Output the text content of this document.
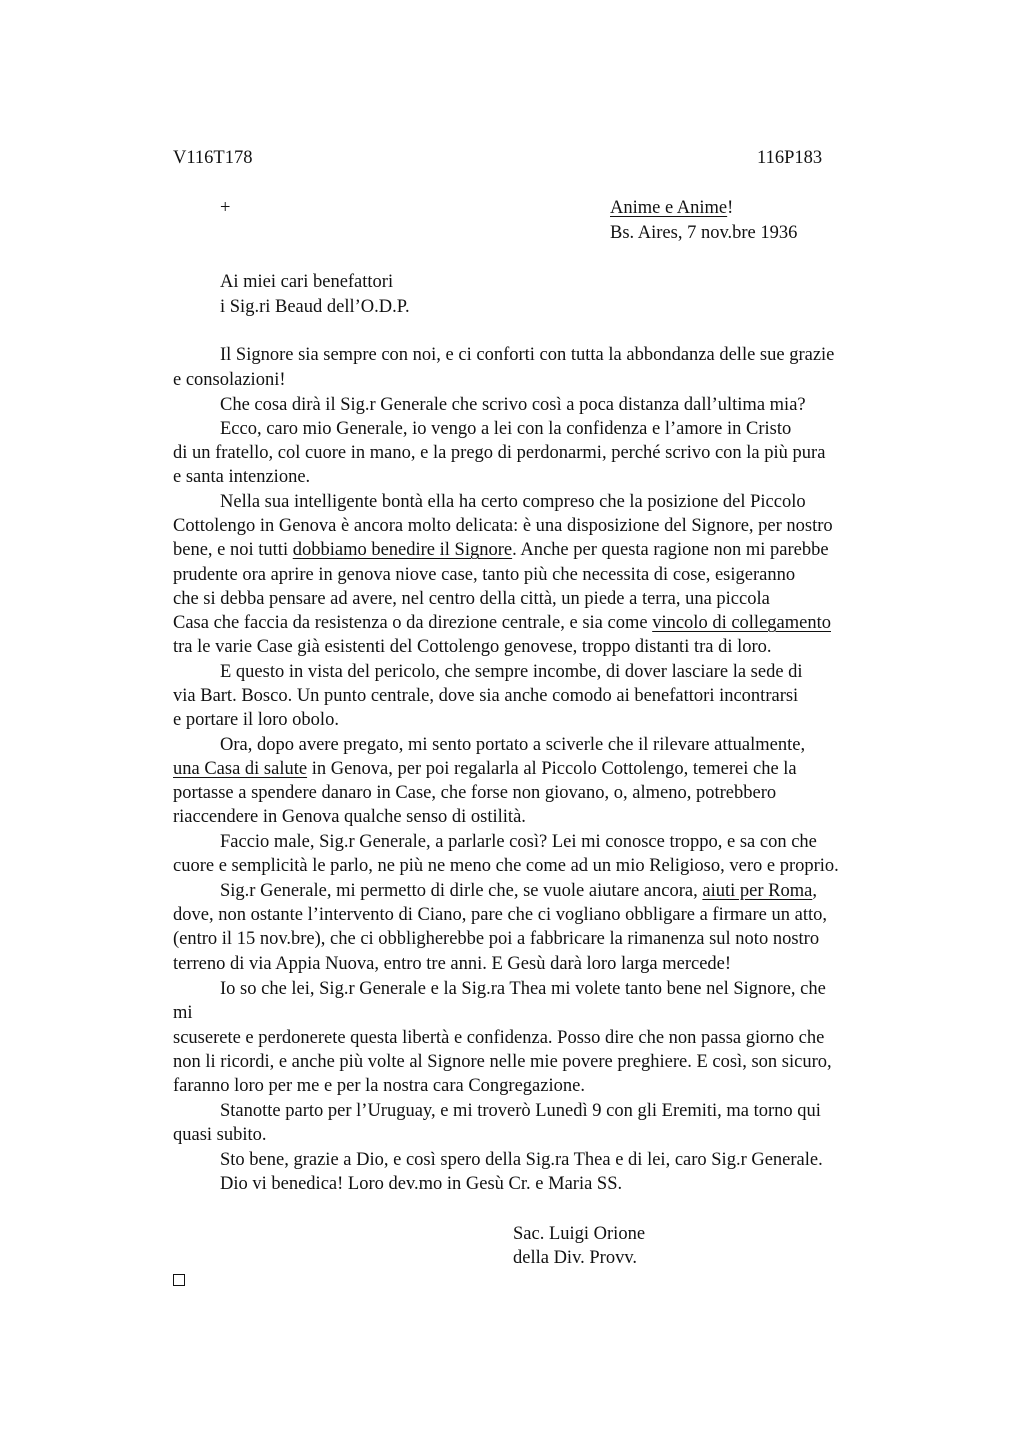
V116T178	116P183
+	Anime e Anime!
Bs. Aires, 7 nov.bre 1936
Ai miei cari benefattori
i Sig.ri Beaud dell’O.D.P.
Il Signore sia sempre con noi, e ci conforti con tutta la abbondanza delle sue grazie
e consolazioni!
Che cosa dirà il Sig.r Generale che scrivo così a poca distanza dall’ultima mia?
Ecco, caro mio Generale, io vengo a lei con la confidenza e l’amore in Cristo
di un fratello, col cuore in mano, e la prego di perdonarmi, perché scrivo con la più pura
e santa intenzione.
Nella sua intelligente bontà ella ha certo compreso che la posizione del Piccolo
Cottolengo in Genova è ancora molto delicata: è una disposizione del Signore, per nostro
bene, e noi tutti dobbiamo benedire il Signore. Anche per questa ragione non mi parebbe
prudente ora aprire in genova niove case, tanto più che necessita di cose, esigeranno
che si debba pensare ad avere, nel centro della città, un piede a terra, una piccola
Casa che faccia da resistenza o da direzione centrale, e sia come vincolo di collegamento
tra le varie Case già esistenti del Cottolengo genovese, troppo distanti tra di loro.
E questo in vista del pericolo, che sempre incombe, di dover lasciare la sede di
via Bart. Bosco. Un punto centrale, dove sia anche comodo ai benefattori incontrarsi
e portare il loro obolo.
Ora, dopo avere pregato, mi sento portato a sciverle che il rilevare attualmente,
una Casa di salute in Genova, per poi regalarla al Piccolo Cottolengo, temerei che la
portasse a spendere danaro in Case, che forse non giovano, o, almeno, potrebbero
riaccendere in Genova qualche senso di ostilità.
Faccio male, Sig.r Generale, a parlarle così? Lei mi conosce troppo, e sa con che
cuore e semplicità le parlo, ne più ne meno che come ad un mio Religioso, vero e proprio.
Sig.r Generale, mi permetto di dirle che, se vuole aiutare ancora, aiuti per Roma,
dove, non ostante l’intervento di Ciano, pare che ci vogliano obbligare a firmare un atto,
(entro il 15 nov.bre), che ci obbligherebbe poi a fabbricare la rimanenza sul noto nostro
terreno di via Appia Nuova, entro tre anni. E Gesù darà loro larga mercede!
Io so che lei, Sig.r Generale e la Sig.ra Thea mi volete tanto bene nel Signore, che
mi
scuserete e perdonerete questa libertà e confidenza. Posso dire che non passa giorno che
non li ricordi, e anche più volte al Signore nelle mie povere preghiere. E così, son sicuro,
faranno loro per me e per la nostra cara Congregazione.
Stanotte parto per l’Uruguay, e mi troverò Lunedì 9 con gli Eremiti, ma torno qui
quasi subito.
Sto bene, grazie a Dio, e così spero della Sig.ra Thea e di lei, caro Sig.r Generale.
Dio vi benedica! Loro dev.mo in Gesù Cr. e Maria SS.
Sac. Luigi Orione
della Div. Provv.
